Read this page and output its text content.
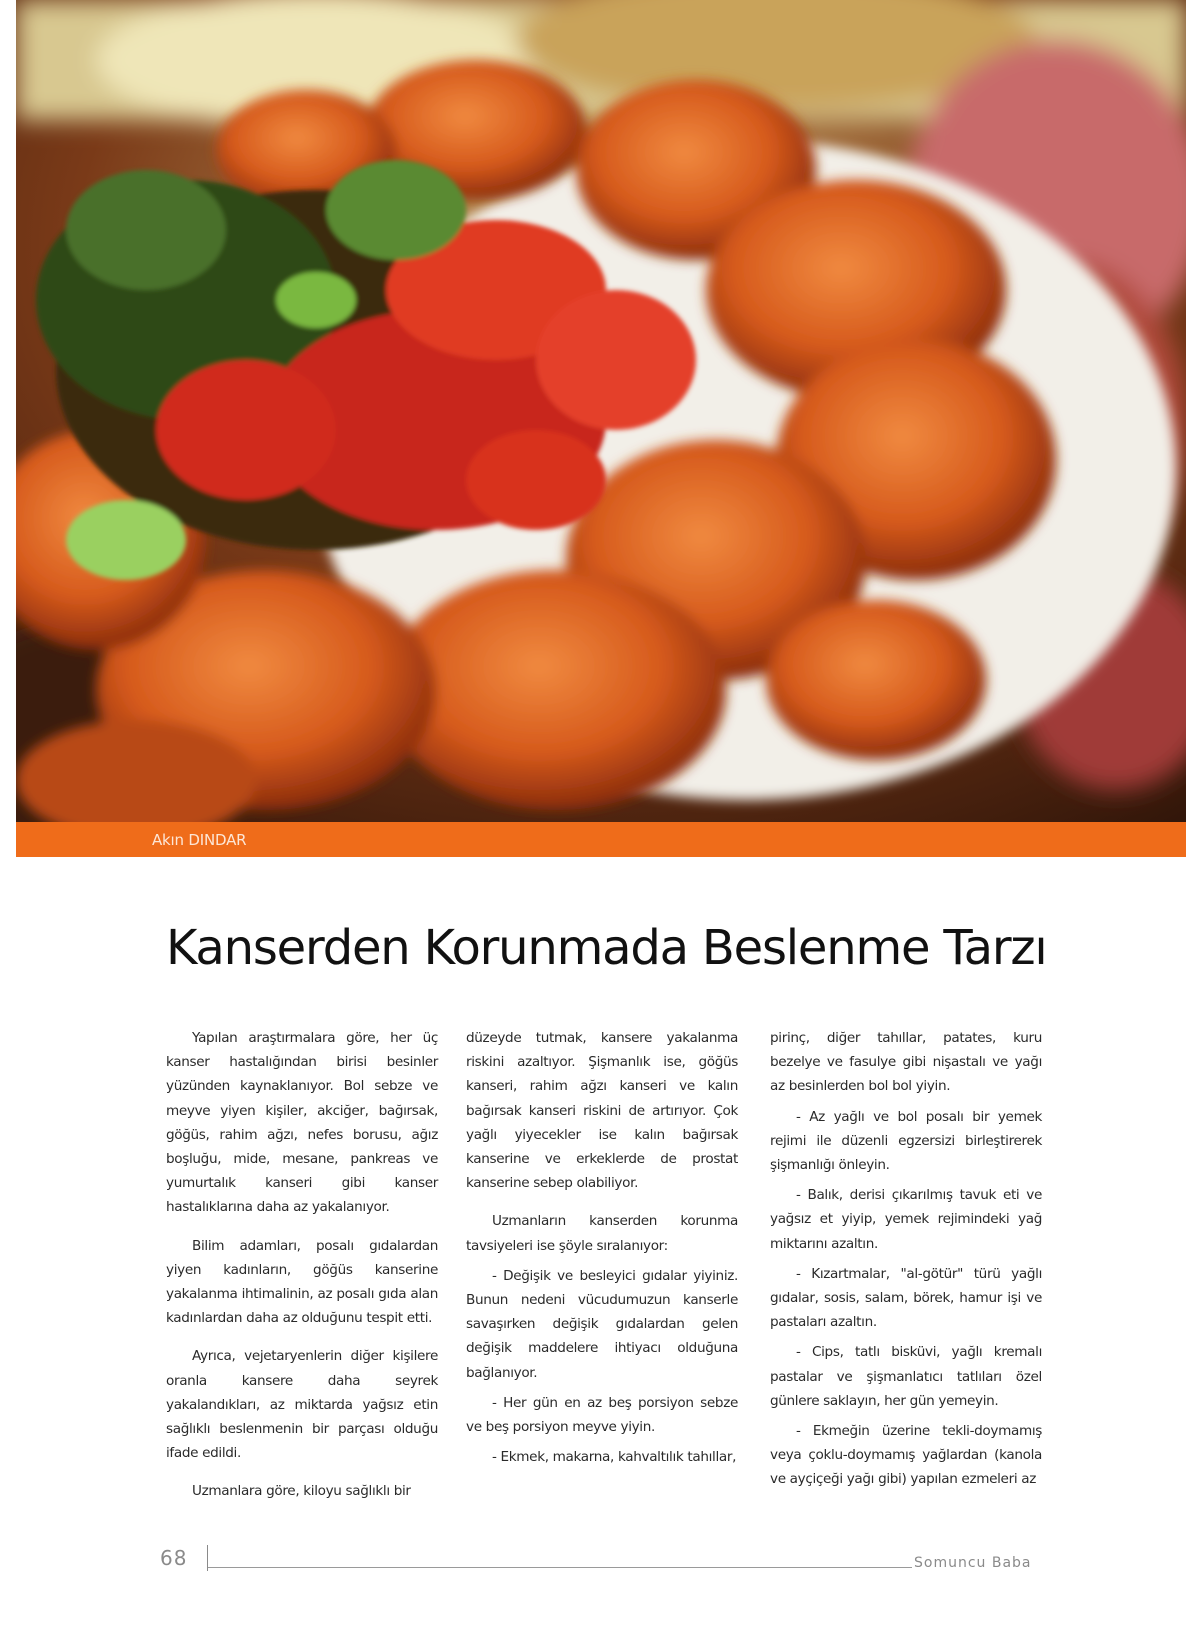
Akın DINDAR
Kanserden Korunmada Beslenme Tarzı

Yapılan araştırmalara göre, her üç kanser hastalığından birisi besinler yüzünden kaynaklanıyor. Bol sebze ve meyve yiyen kişiler, akciğer, bağırsak, göğüs, rahim ağzı, nefes borusu, ağız boşluğu, mide, mesane, pankreas ve yumurtalık kanseri gibi kanser hastalıklarına daha az yakalanıyor.

Bilim adamları, posalı gıdalardan yiyen kadınların, göğüs kanserine yakalanma ihtimalinin, az posalı gıda alan kadınlardan daha az olduğunu tespit etti.

Ayrıca, vejetaryenlerin diğer kişilere oranla kansere daha seyrek yakalandıkları, az miktarda yağsız etin sağlıklı beslenmenin bir parçası olduğu ifade edildi.

Uzmanlara göre, kiloyu sağlıklı bir

düzeyde tutmak, kansere yakalanma riskini azaltıyor. Şişmanlık ise, göğüs kanseri, rahim ağzı kanseri ve kalın bağırsak kanseri riskini de artırıyor. Çok yağlı yiyecekler ise kalın bağırsak kanserine ve erkeklerde de prostat kanserine sebep olabiliyor.

Uzmanların kanserden korunma tavsiyeleri ise şöyle sıralanıyor:

- Değişik ve besleyici gıdalar yiyiniz. Bunun nedeni vücudumuzun kanserle savaşırken değişik gıdalardan gelen değişik maddelere ihtiyacı olduğuna bağlanıyor.

- Her gün en az beş porsiyon sebze ve beş porsiyon meyve yiyin.

- Ekmek, makarna, kahvaltılık tahıllar,

pirinç, diğer tahıllar, patates, kuru bezelye ve fasulye gibi nişastalı ve yağı az besinlerden bol bol yiyin.

- Az yağlı ve bol posalı bir yemek rejimi ile düzenli egzersizi birleştirerek şişmanlığı önleyin.

- Balık, derisi çıkarılmış tavuk eti ve yağsız et yiyip, yemek rejimindeki yağ miktarını azaltın.

- Kızartmalar, "al-götür" türü yağlı gıdalar, sosis, salam, börek, hamur işi ve pastaları azaltın.

- Cips, tatlı bisküvi, yağlı kremalı pastalar ve şişmanlatıcı tatlıları özel günlere saklayın, her gün yemeyin.

- Ekmeğin üzerine tekli-doymamış veya çoklu-doymamış yağlardan (kanola ve ayçiçeği yağı gibi) yapılan ezmeleri az

68	Somuncu Baba
